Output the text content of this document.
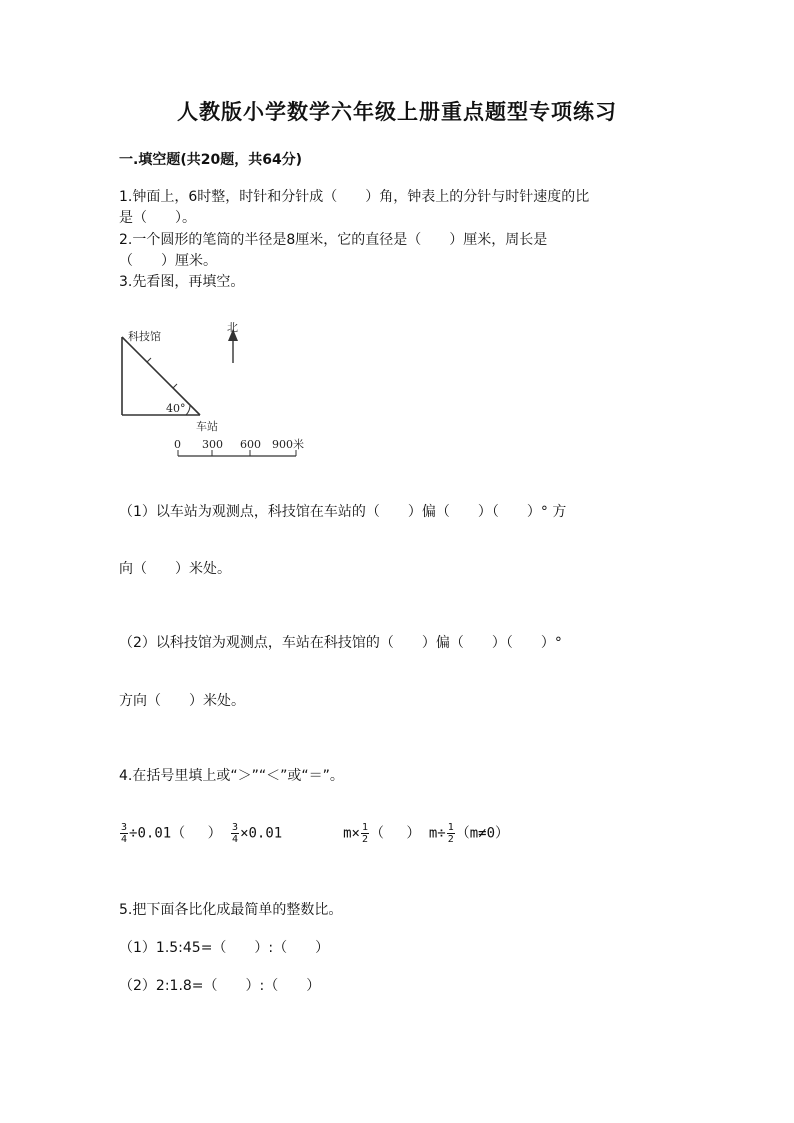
人教版小学数学六年级上册重点题型专项练习
一.填空题(共20题，共64分)
1.钟面上，6时整，时针和分针成（　　）角，钟表上的分针与时针速度的比
是（　　）。
2.一个圆形的笔筒的半径是8厘米，它的直径是（　　）厘米，周长是
（　　）厘米。
3.先看图，再填空。
科技馆
北
40°
车站
0 300 600 900米
（1）以车站为观测点，科技馆在车站的（　　）偏（　　）（　　）° 方
向（　　）米处。
（2）以科技馆为观测点，车站在科技馆的（　　）偏（　　）（　　）°
方向（　　）米处。
4.在括号里填上或“＞”“＜”或“＝”。
$\frac{3}{4} \div 0.01$（　 ） $\frac{3}{4} \times 0.01$	$m\times \frac{1}{2}$ （　 ） $m\div \frac{1}{2} (m\ne 0)$
5.把下面各比化成最简单的整数比。
（1）1.5:45=（　　）:（　　）
（2）2:1.8=（　　）:（　　）
